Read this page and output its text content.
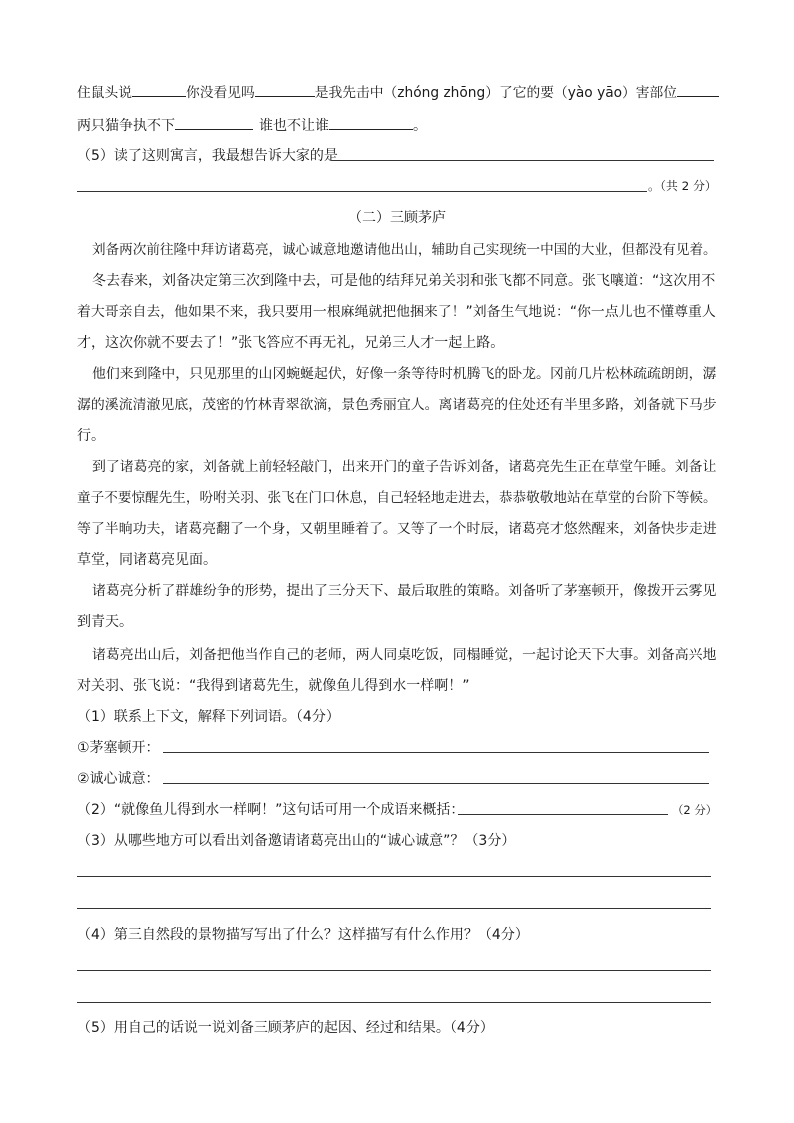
住鼠头说	你没看见吗	是我先击中（zhóng zhōng）了它的要（yào yāo）害部位
两只猫争执不下	谁也不让谁	。
（5）读了这则寓言，我最想告诉大家的是
。（共 2 分）
（二）三顾茅庐
刘备两次前往隆中拜访诸葛亮，诚心诚意地邀请他出山，辅助自己实现统一中国的大业，但都没有见着。
冬去春来，刘备决定第三次到隆中去，可是他的结拜兄弟关羽和张飞都不同意。张飞嚷道：“这次用不
着大哥亲自去，他如果不来，我只要用一根麻绳就把他捆来了！”刘备生气地说：“你一点儿也不懂尊重人
才，这次你就不要去了！”张飞答应不再无礼，兄弟三人才一起上路。
他们来到隆中，只见那里的山冈蜿蜒起伏，好像一条等待时机腾飞的卧龙。冈前几片松林疏疏朗朗，潺
潺的溪流清澈见底，茂密的竹林青翠欲滴，景色秀丽宜人。离诸葛亮的住处还有半里多路，刘备就下马步
行。
到了诸葛亮的家，刘备就上前轻轻敲门，出来开门的童子告诉刘备，诸葛亮先生正在草堂午睡。刘备让
童子不要惊醒先生，吩咐关羽、张飞在门口休息，自己轻轻地走进去，恭恭敬敬地站在草堂的台阶下等候。
等了半晌功夫，诸葛亮翻了一个身，又朝里睡着了。又等了一个时辰，诸葛亮才悠然醒来，刘备快步走进
草堂，同诸葛亮见面。
诸葛亮分析了群雄纷争的形势，提出了三分天下、最后取胜的策略。刘备听了茅塞顿开，像拨开云雾见
到青天。
诸葛亮出山后，刘备把他当作自己的老师，两人同桌吃饭，同榻睡觉，一起讨论天下大事。刘备高兴地
对关羽、张飞说：“我得到诸葛先生，就像鱼儿得到水一样啊！”
（1）联系上下文，解释下列词语。（4分）
①茅塞顿开：
②诚心诚意：
（2）“就像鱼儿得到水一样啊！”这句话可用一个成语来概括：	（2 分）
（3）从哪些地方可以看出刘备邀请诸葛亮出山的“诚心诚意”？（3分）
（4）第三自然段的景物描写写出了什么？这样描写有什么作用？（4分）
（5）用自己的话说一说刘备三顾茅庐的起因、经过和结果。（4分）
